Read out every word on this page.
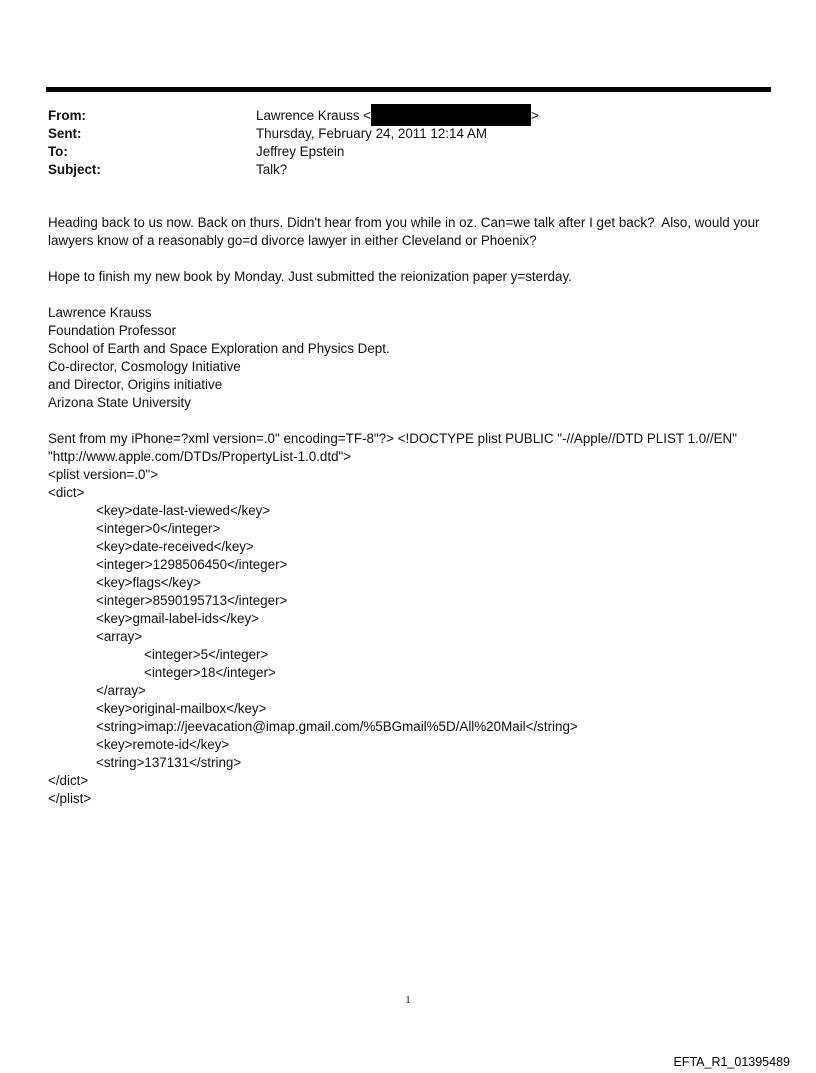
From:	Lawrence Krauss <	>
Sent:	Thursday, February 24, 2011 12:14 AM
To:	Jeffrey Epstein
Subject:	Talk?
Heading back to us now. Back on thurs. Didn't hear from you while in oz. Can=we talk after I get back?  Also, would your
lawyers know of a reasonably go=d divorce lawyer in either Cleveland or Phoenix?
Hope to finish my new book by Monday. Just submitted the reionization paper y=sterday.
Lawrence Krauss
Foundation Professor
School of Earth and Space Exploration and Physics Dept.
Co-director, Cosmology Initiative
and Director, Origins initiative
Arizona State University
Sent from my iPhone=?xml version=.0" encoding=TF-8"?> <!DOCTYPE plist PUBLIC "-//Apple//DTD PLIST 1.0//EN"
"http://www.apple.com/DTDs/PropertyList-1.0.dtd">
<plist version=.0">
<dict>
<key>date-last-viewed</key>
<integer>0</integer>
<key>date-received</key>
<integer>1298506450</integer>
<key>flags</key>
<integer>8590195713</integer>
<key>gmail-label-ids</key>
<array>
<integer>5</integer>
<integer>18</integer>
</array>
<key>original-mailbox</key>
<string>imap://jeevacation@imap.gmail.com/%5BGmail%5D/All%20Mail</string>
<key>remote-id</key>
<string>137131</string>
</dict>
</plist>
1
EFTA_R1_01395489
